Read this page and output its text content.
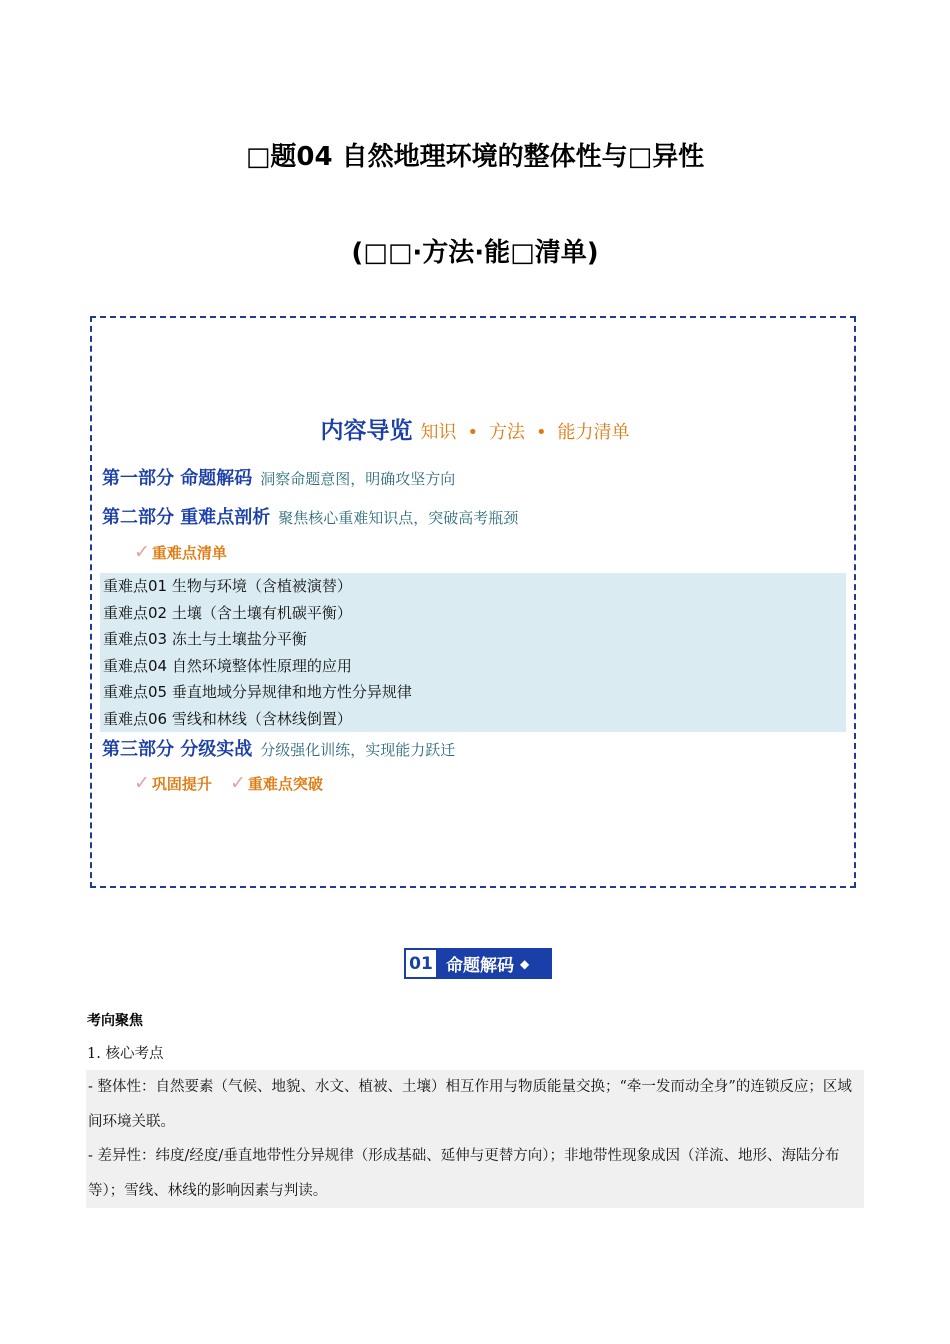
□题04 自然地理环境的整体性与□异性
(□□·方法·能□清单)
内容导览 知识 • 方法 • 能力清单
第一部分 命题解码 洞察命题意图，明确攻坚方向
第二部分 重难点剖析 聚焦核心重难知识点，突破高考瓶颈
✓ 重难点清单
重难点01 生物与环境（含植被演替）
重难点02 土壤（含土壤有机碳平衡）
重难点03 冻土与土壤盐分平衡
重难点04 自然环境整体性原理的应用
重难点05 垂直地域分异规律和地方性分异规律
重难点06 雪线和林线（含林线倒置）
第三部分 分级实战 分级强化训练，实现能力跃迁
✓ 巩固提升 ✓ 重难点突破
01 命题解码 ◆
考向聚焦
1. 核心考点

- 整体性：自然要素（气候、地貌、水文、植被、土壤）相互作用与物质能量交换；“牵一发而动全身”的连锁反应；区域间环境关联。

- 差异性：纬度/经度/垂直地带性分异规律（形成基础、延伸与更替方向）；非地带性现象成因（洋流、地形、海陆分布等）；雪线、林线的影响因素与判读。
